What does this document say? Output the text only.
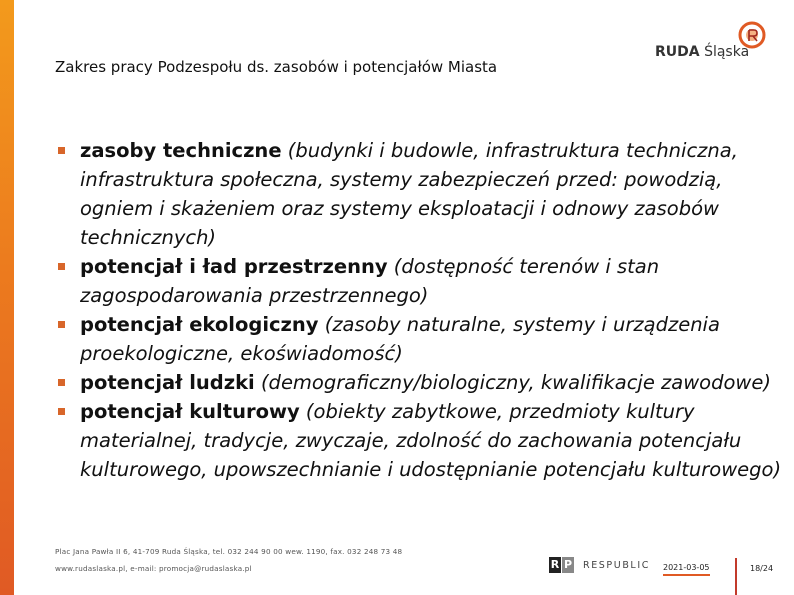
Zakres pracy Podzespołu ds. zasobów i potencjałów Miasta
RUDA Śląska
zasoby techniczne (budynki i budowle, infrastruktura techniczna, infrastruktura społeczna, systemy zabezpieczeń przed: powodzią, ogniem i skażeniem oraz systemy eksploatacji i odnowy zasobów technicznych)
potencjał i ład przestrzenny (dostępność terenów i stan zagospodarowania przestrzennego)
potencjał ekologiczny (zasoby naturalne, systemy i urządzenia proekologiczne, ekoświadomość)
potencjał ludzki (demograficzny/biologiczny, kwalifikacje zawodowe)
potencjał kulturowy (obiekty zabytkowe, przedmioty kultury materialnej, tradycje, zwyczaje, zdolność do zachowania potencjału kulturowego, upowszechnianie i udostępnianie potencjału kulturowego)
Plac Jana Pawła II 6, 41-709 Ruda Śląska, tel. 032 244 90 00 wew. 1190, fax. 032 248 73 48
www.rudaslaska.pl, e-mail: promocja@rudaslaska.pl	R P RESPUBLIC 2021-03-05	18/24
